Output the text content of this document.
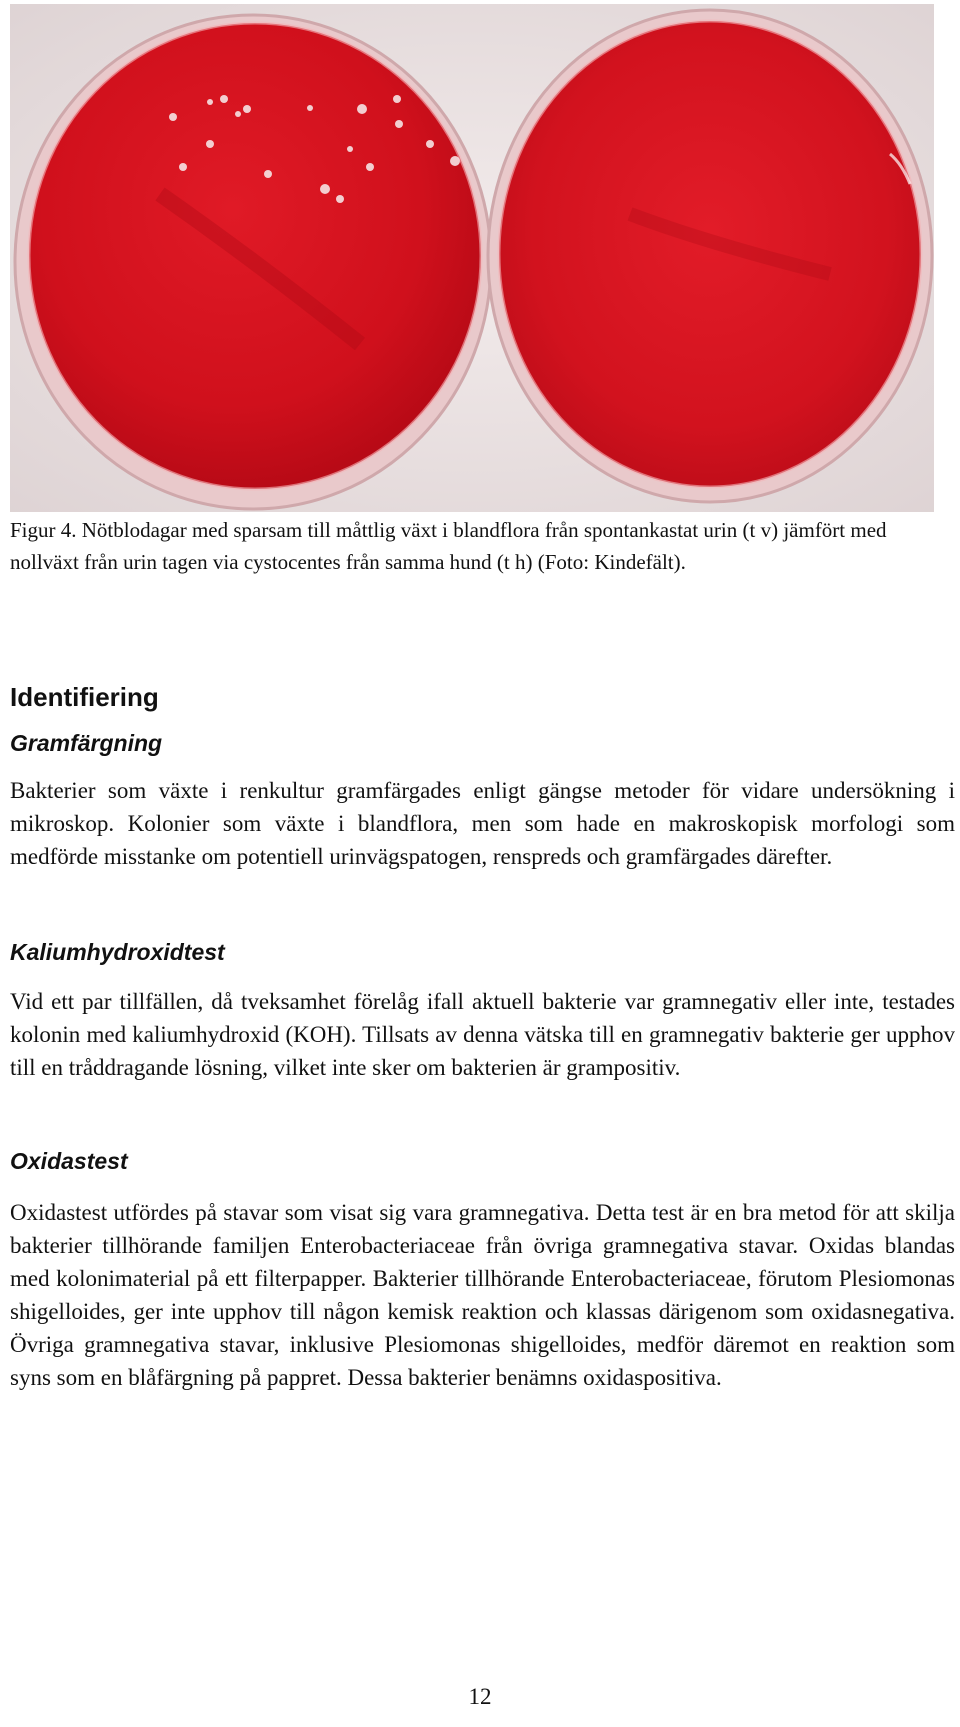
Figur 4. Nötblodagar med sparsam till måttlig växt i blandflora från spontankastat urin (t v) jämfört med nollväxt från urin tagen via cystocentes från samma hund (t h) (Foto: Kindefält).

Identifiering
Gramfärgning

Bakterier som växte i renkultur gramfärgades enligt gängse metoder för vidare undersökning i mikroskop. Kolonier som växte i blandflora, men som hade en makroskopisk morfologi som medförde misstanke om potentiell urinvägspatogen, renspreds och gramfärgades därefter.

Kaliumhydroxidtest

Vid ett par tillfällen, då tveksamhet förelåg ifall aktuell bakterie var gramnegativ eller inte, testades kolonin med kaliumhydroxid (KOH). Tillsats av denna vätska till en gramnegativ bakterie ger upphov till en tråddragande lösning, vilket inte sker om bakterien är grampositiv.

Oxidastest

Oxidastest utfördes på stavar som visat sig vara gramnegativa. Detta test är en bra metod för att skilja bakterier tillhörande familjen Enterobacteriaceae från övriga gramnegativa stavar. Oxidas blandas med kolonimaterial på ett filterpapper. Bakterier tillhörande Enterobacteriaceae, förutom Plesiomonas shigelloides, ger inte upphov till någon kemisk reaktion och klassas därigenom som oxidasnegativa. Övriga gramnegativa stavar, inklusive Plesiomonas shigelloides, medför däremot en reaktion som syns som en blåfärgning på pappret. Dessa bakterier benämns oxidaspositiva.

12
